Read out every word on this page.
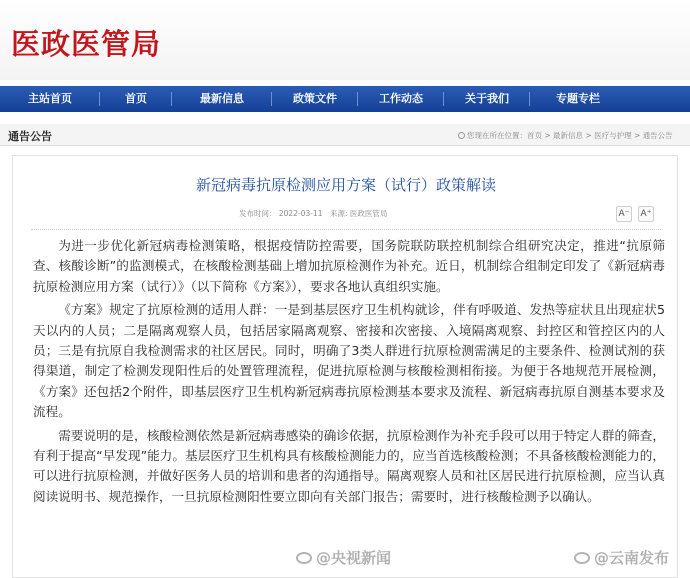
医政医管局
主站首页	首页	最新信息	政策文件	工作动态	关于我们	专题专栏
通告公告	您现在所在位置：首页 > 最新信息 > 医疗与护理 > 通告公告
新冠病毒抗原检测应用方案（试行）政策解读
发布时间： 2022-03-11　来源: 医政医管局	A⁻ A⁺

为进一步优化新冠病毒检测策略，根据疫情防控需要，国务院联防联控机制综合组研究决定，推进“抗原筛查、核酸诊断”的监测模式，在核酸检测基础上增加抗原检测作为补充。近日，机制综合组制定印发了《新冠病毒抗原检测应用方案（试行）》（以下简称《方案》），要求各地认真组织实施。

《方案》规定了抗原检测的适用人群：一是到基层医疗卫生机构就诊，伴有呼吸道、发热等症状且出现症状5天以内的人员；二是隔离观察人员，包括居家隔离观察、密接和次密接、入境隔离观察、封控区和管控区内的人员；三是有抗原自我检测需求的社区居民。同时，明确了3类人群进行抗原检测需满足的主要条件、检测试剂的获得渠道，制定了检测发现阳性后的处置管理流程，促进抗原检测与核酸检测相衔接。为便于各地规范开展检测，《方案》还包括2个附件，即基层医疗卫生机构新冠病毒抗原检测基本要求及流程、新冠病毒抗原自测基本要求及流程。

需要说明的是，核酸检测依然是新冠病毒感染的确诊依据，抗原检测作为补充手段可以用于特定人群的筛查，有利于提高“早发现”能力。基层医疗卫生机构具有核酸检测能力的，应当首选核酸检测；不具备核酸检测能力的，可以进行抗原检测，并做好医务人员的培训和患者的沟通指导。隔离观察人员和社区居民进行抗原检测，应当认真阅读说明书、规范操作，一旦抗原检测阳性要立即向有关部门报告；需要时，进行核酸检测予以确认。

@央视新闻	@云南发布
